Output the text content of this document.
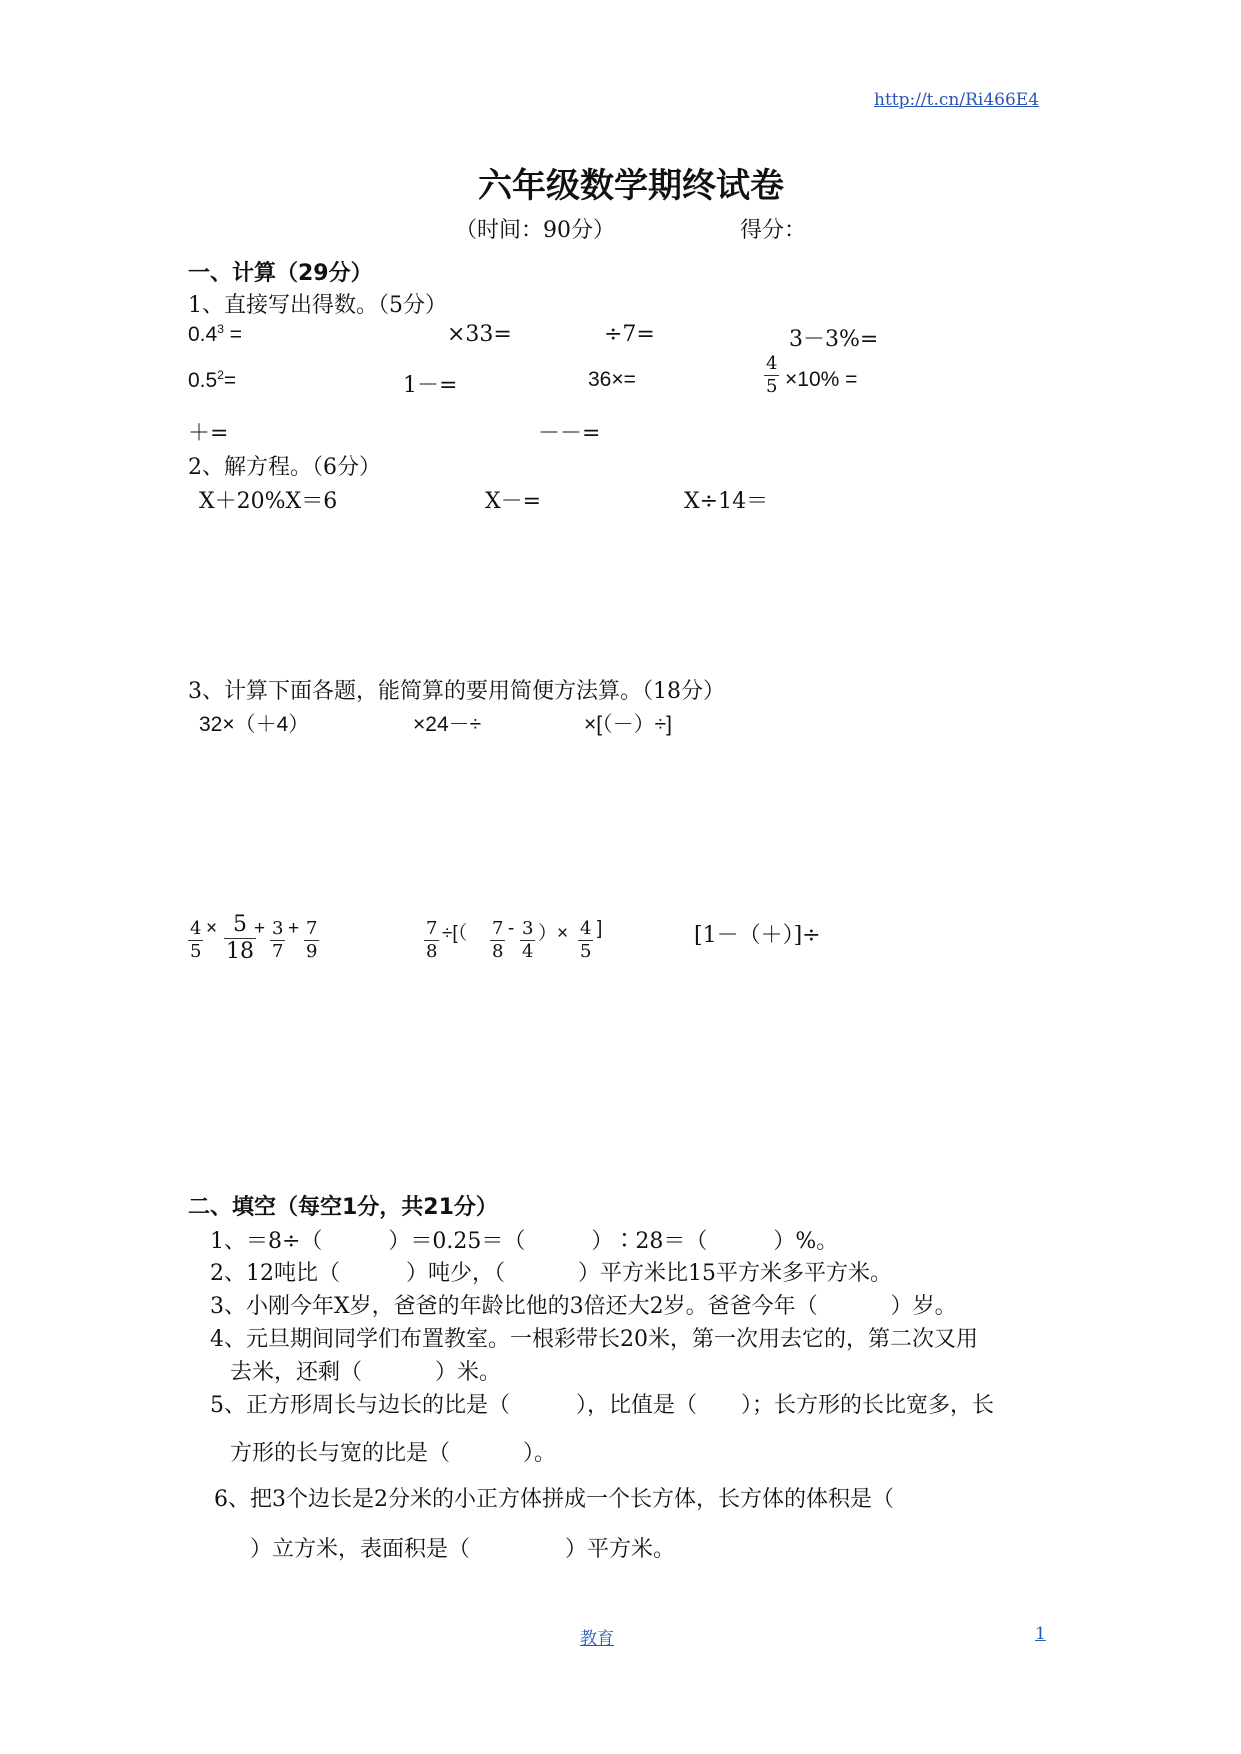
http://t.cn/Ri466E4
六年级数学期终试卷
（时间：90分）	得分：
一、计算（29分）
1、直接写出得数。（5分）
$0.4^3$ =	×33=	÷7=	3－3%=
$0.5^2=$	1－=	36×=
4
5 ×10% =
＋=	－－=
2、解方程。（6分）
X＋20%X＝6	X－=	X÷14＝
3、计算下面各题，能简算的要用简便方法算。（18分）
32×（＋4）	×24－÷	×[（－）÷]
4
5
× 5
18
+ 3
7
+ 7
9
7
8
÷[（ 7
8
- 3
4
）× 4
5
]	[1－（＋）]÷
二、填空（每空1分，共21分）
1、＝8÷（　　　）＝0.25＝（　　　）∶28＝（　　　）%。
2、12吨比（　　　）吨少，（　　　 ）平方米比15平方米多平方米。
3、小刚今年X岁，爸爸的年龄比他的3倍还大2岁。爸爸今年（　　　 ）岁。
4、元旦期间同学们布置教室。一根彩带长20米，第一次用去它的，第二次又用
去米，还剩（　　　 ）米。
5、正方形周长与边长的比是（　　　），比值是（　　）；长方形的长比宽多，长
方形的长与宽的比是（　　　 ）。
6、把3个边长是2分米的小正方体拼成一个长方体，长方体的体积是（
）立方米，表面积是（　　　　 ）平方米。
教育	1
